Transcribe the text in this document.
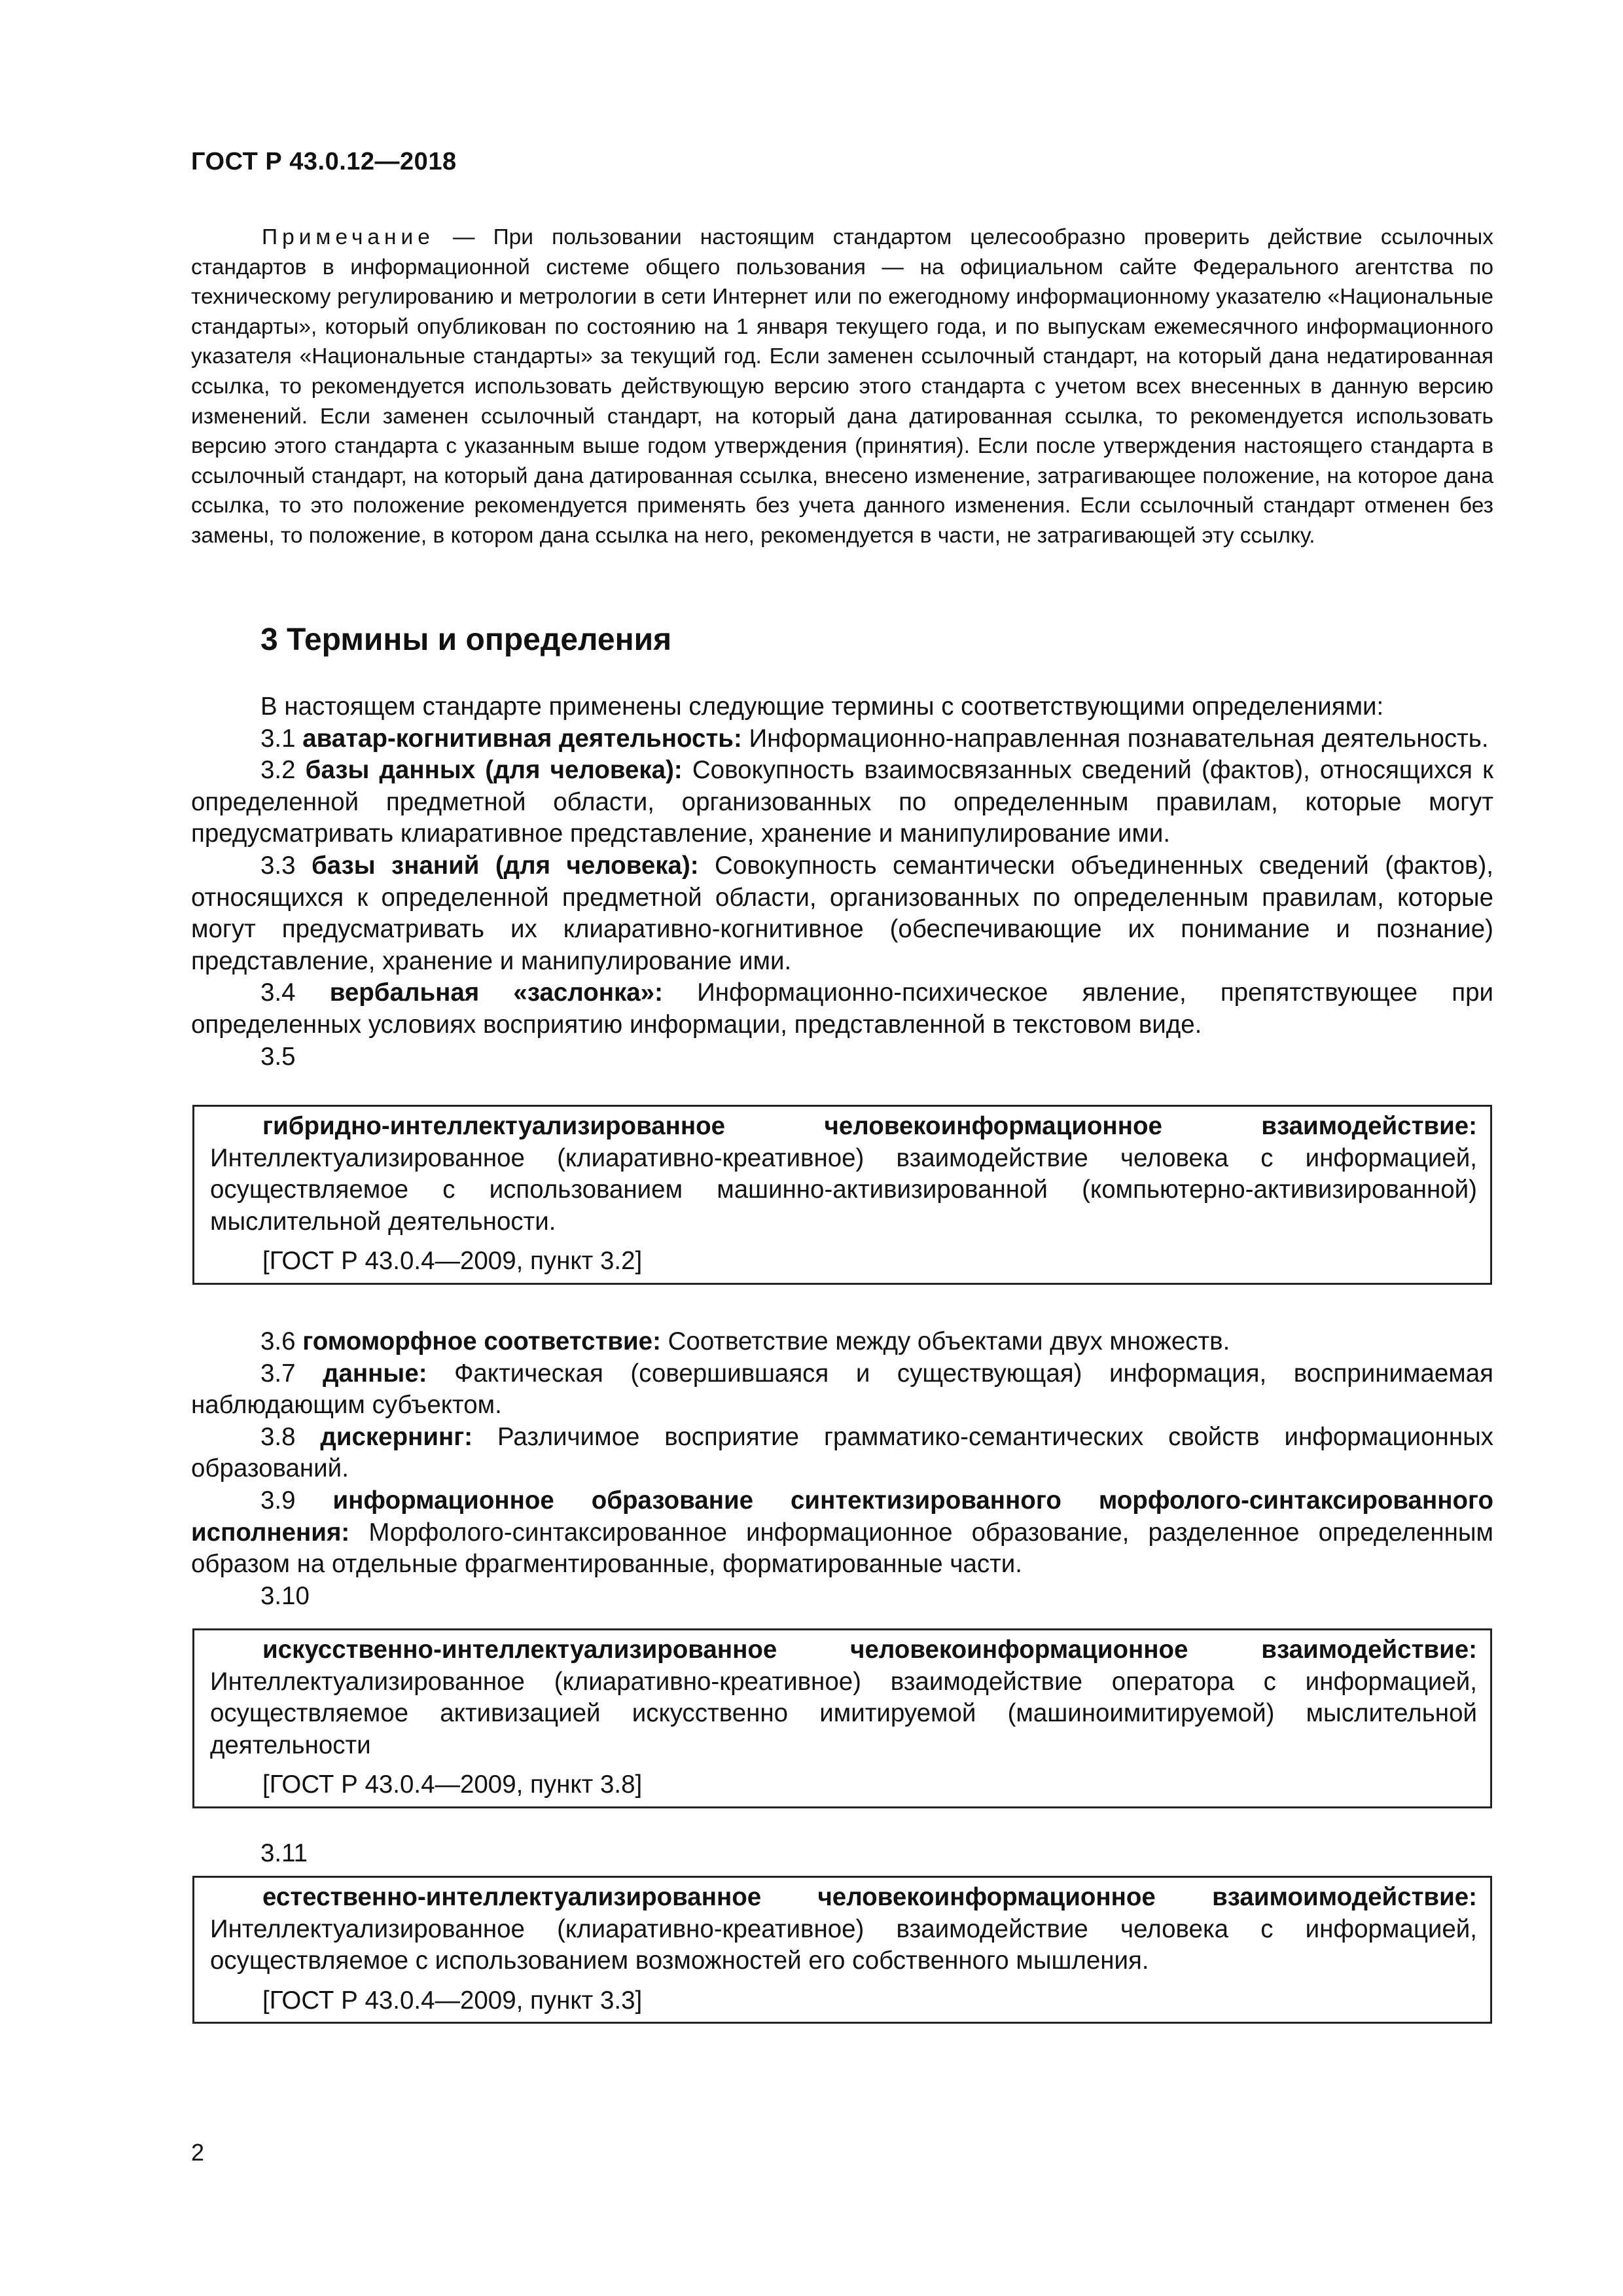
ГОСТ Р 43.0.12—2018

Примечание — При пользовании настоящим стандартом целесообразно проверить действие ссылочных стандартов в информационной системе общего пользования — на официальном сайте Федерального агентства по техническому регулированию и метрологии в сети Интернет или по ежегодному информационному указателю «Национальные стандарты», который опубликован по состоянию на 1 января текущего года, и по выпускам ежемесячного информационного указателя «Национальные стандарты» за текущий год. Если заменен ссылочный стандарт, на который дана недатированная ссылка, то рекомендуется использовать действующую версию этого стандарта с учетом всех внесенных в данную версию изменений. Если заменен ссылочный стандарт, на который дана датированная ссылка, то рекомендуется использовать версию этого стандарта с указанным выше годом утверждения (принятия). Если после утверждения настоящего стандарта в ссылочный стандарт, на который дана датированная ссылка, внесено изменение, затрагивающее положение, на которое дана ссылка, то это положение рекомендуется применять без учета данного изменения. Если ссылочный стандарт отменен без замены, то положение, в котором дана ссылка на него, рекомендуется в части, не затрагивающей эту ссылку.

3 Термины и определения

В настоящем стандарте применены следующие термины с соответствующими определениями:

3.1 аватар-когнитивная деятельность: Информационно-направленная познавательная деятельность.

3.2 базы данных (для человека): Совокупность взаимосвязанных сведений (фактов), относящихся к определенной предметной области, организованных по определенным правилам, которые могут предусматривать клиаративное представление, хранение и манипулирование ими.

3.3 базы знаний (для человека): Совокупность семантически объединенных сведений (фактов), относящихся к определенной предметной области, организованных по определенным правилам, которые могут предусматривать их клиаративно-когнитивное (обеспечивающие их понимание и познание) представление, хранение и манипулирование ими.

3.4 вербальная «заслонка»: Информационно-психическое явление, препятствующее при определенных условиях восприятию информации, представленной в текстовом виде.

3.5

гибридно-интеллектуализированное человекоинформационное взаимодействие: Интеллектуализированное (клиаративно-креативное) взаимодействие человека с информацией, осуществляемое с использованием машинно-активизированной (компьютерно-активизированной) мыслительной деятельности.

[ГОСТ Р 43.0.4—2009, пункт 3.2]

3.6 гомоморфное соответствие: Соответствие между объектами двух множеств.

3.7 данные: Фактическая (совершившаяся и существующая) информация, воспринимаемая наблюдающим субъектом.

3.8 дискернинг: Различимое восприятие грамматико-семантических свойств информационных образований.

3.9 информационное образование синтектизированного морфолого-синтаксированного исполнения: Морфолого-синтаксированное информационное образование, разделенное определенным образом на отдельные фрагментированные, форматированные части.

3.10

искусственно-интеллектуализированное человекоинформационное взаимодействие: Интеллектуализированное (клиаративно-креативное) взаимодействие оператора с информацией, осуществляемое активизацией искусственно имитируемой (машиноимитируемой) мыслительной деятельности

[ГОСТ Р 43.0.4—2009, пункт 3.8]

3.11

естественно-интеллектуализированное человекоинформационное взаимоимодействие: Интеллектуализированное (клиаративно-креативное) взаимодействие человека с информацией, осуществляемое с использованием возможностей его собственного мышления.

[ГОСТ Р 43.0.4—2009, пункт 3.3]

2
